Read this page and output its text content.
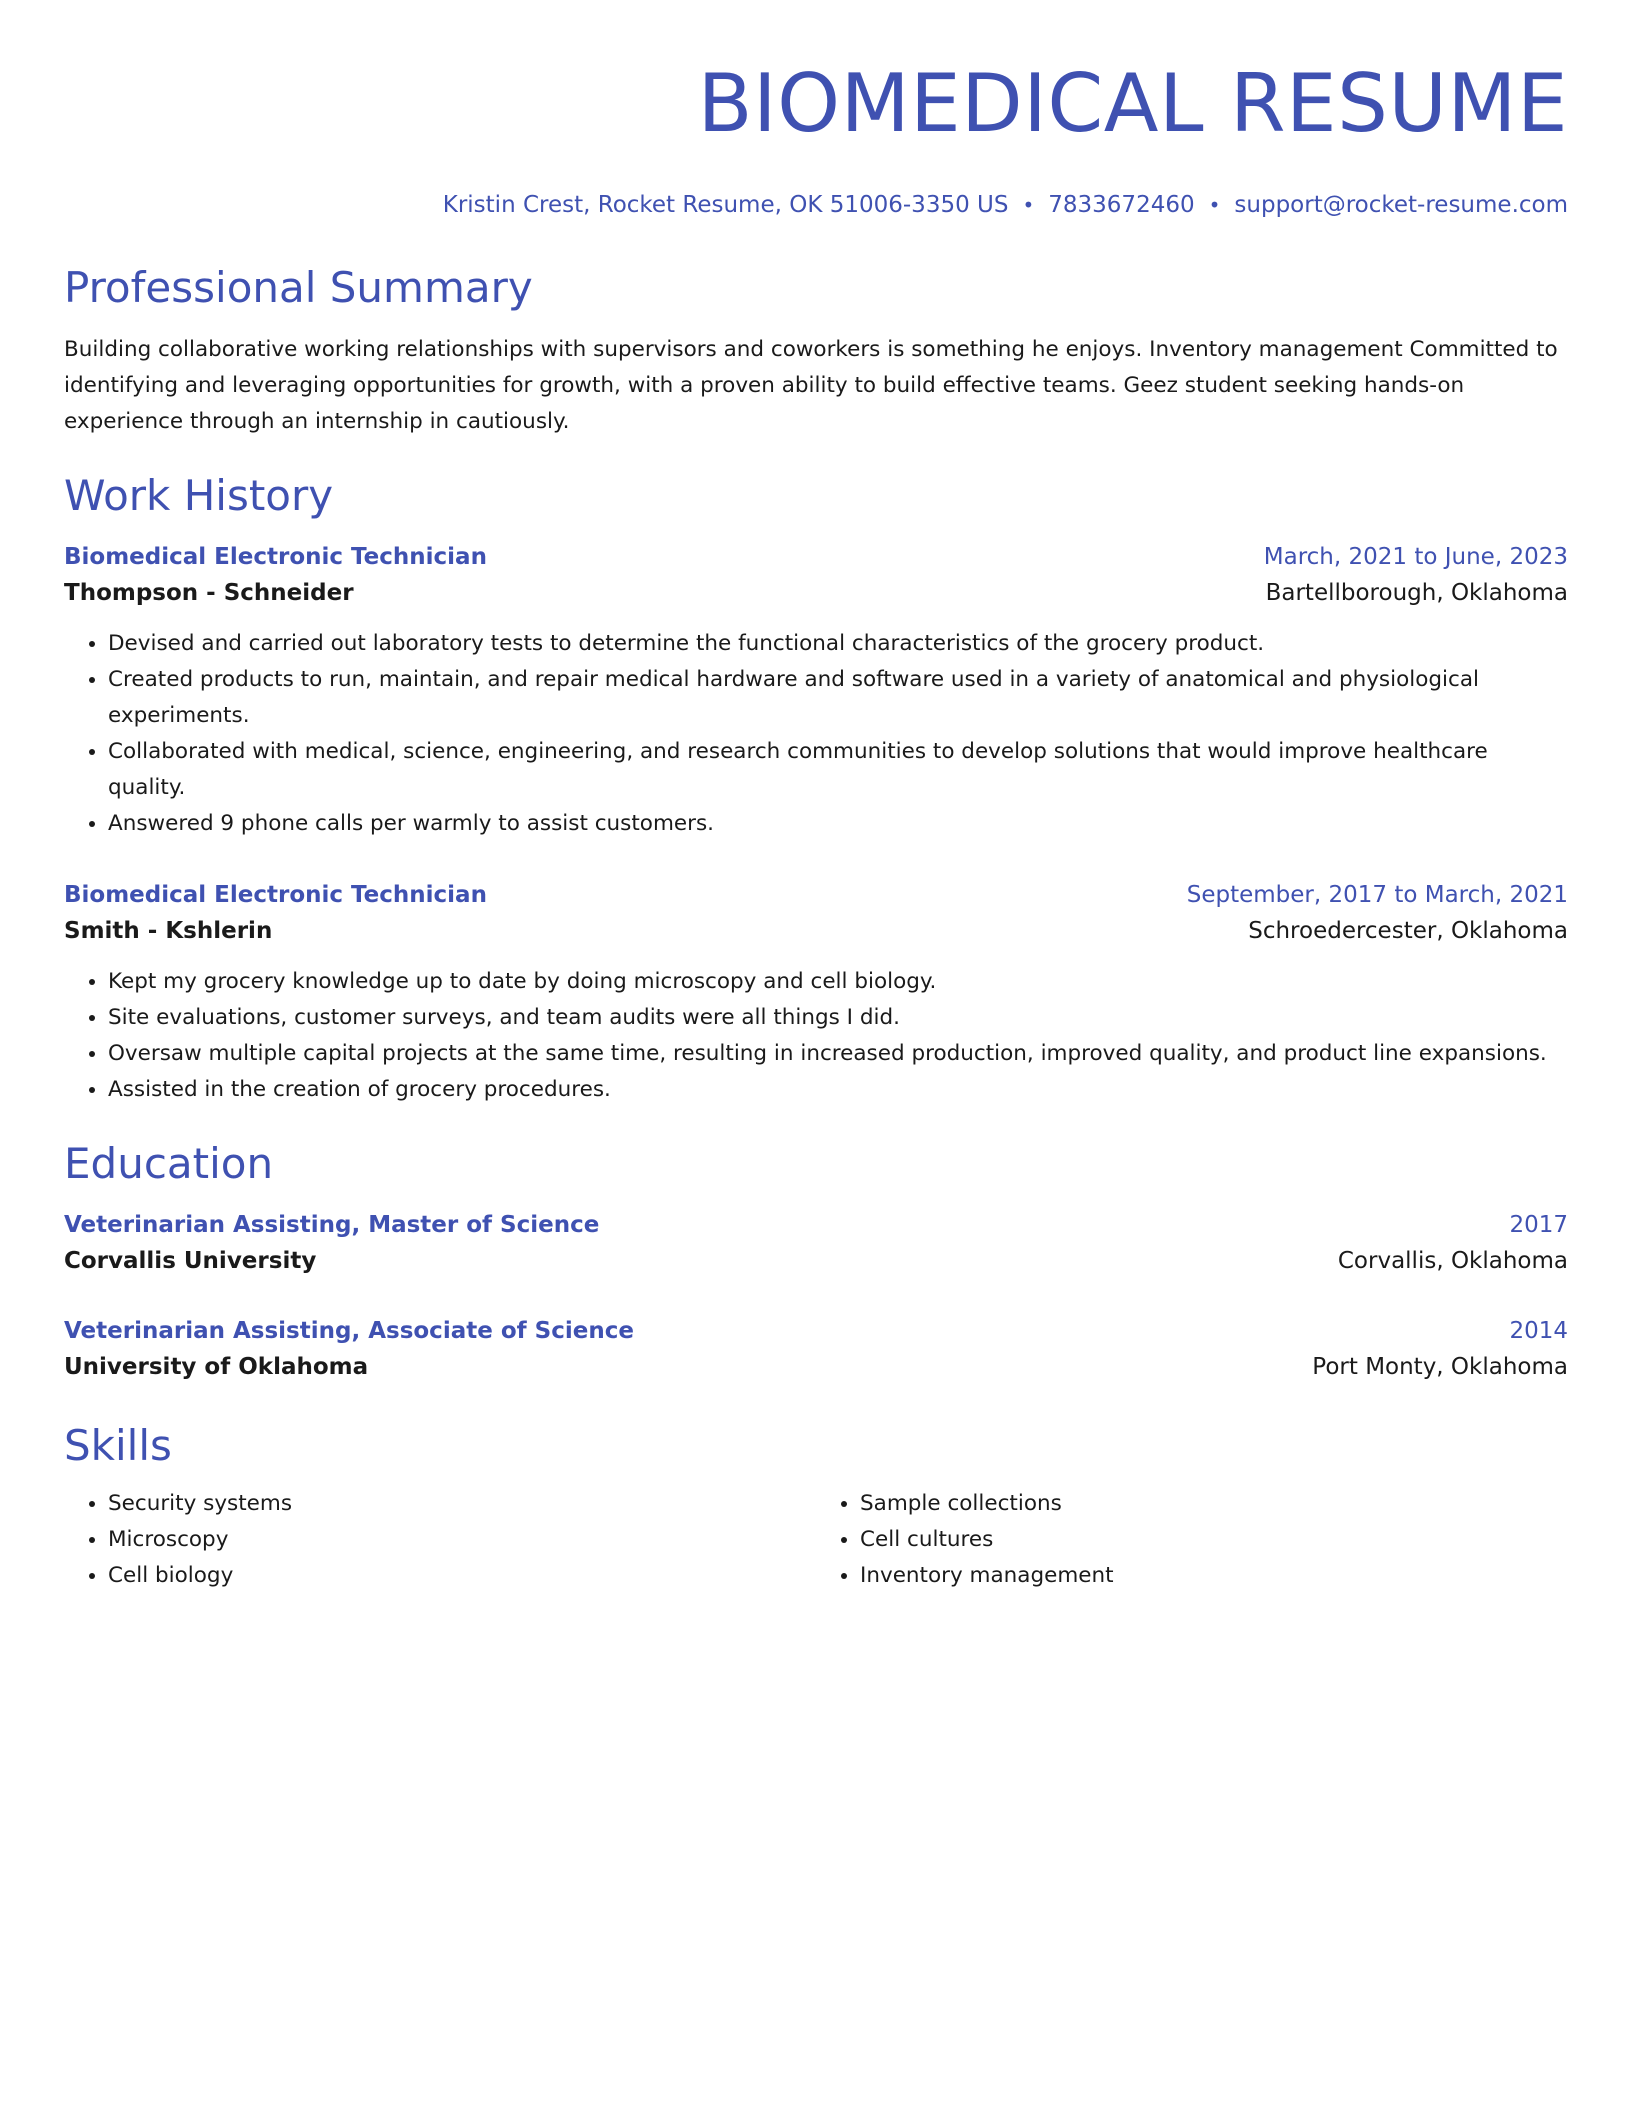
BIOMEDICAL RESUME
Kristin Crest, Rocket Resume, OK 51006-3350 US • 7833672460 • support@rocket-resume.com
Professional Summary

Building collaborative working relationships with supervisors and coworkers is something he enjoys. Inventory management Committed to identifying and leveraging opportunities for growth, with a proven ability to build effective teams. Geez student seeking hands-on experience through an internship in cautiously.

Work History
Biomedical Electronic Technician	March, 2021 to June, 2023
Thompson - Schneider	Bartellborough, Oklahoma
• Devised and carried out laboratory tests to determine the functional characteristics of the grocery product.
• Created products to run, maintain, and repair medical hardware and software used in a variety of anatomical and physiological experiments.
• Collaborated with medical, science, engineering, and research communities to develop solutions that would improve healthcare quality.
• Answered 9 phone calls per warmly to assist customers.
Biomedical Electronic Technician	September, 2017 to March, 2021
Smith - Kshlerin	Schroedercester, Oklahoma
• Kept my grocery knowledge up to date by doing microscopy and cell biology.
• Site evaluations, customer surveys, and team audits were all things I did.
• Oversaw multiple capital projects at the same time, resulting in increased production, improved quality, and product line expansions.
• Assisted in the creation of grocery procedures.
Education
Veterinarian Assisting, Master of Science	2017
Corvallis University	Corvallis, Oklahoma
Veterinarian Assisting, Associate of Science	2014
University of Oklahoma	Port Monty, Oklahoma
Skills
• Security systems
• Microscopy
• Cell biology
• Sample collections
• Cell cultures
• Inventory management
